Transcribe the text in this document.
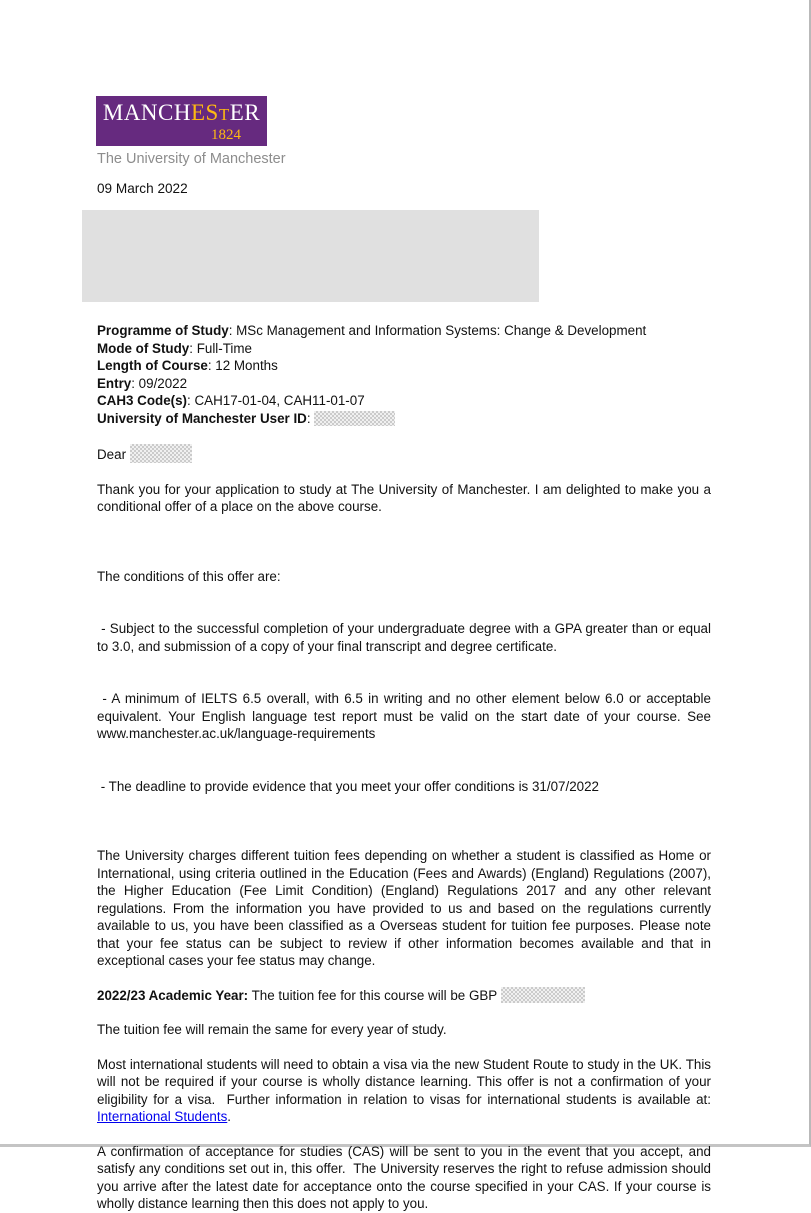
MANCHESTER
1824
The University of Manchester
09 March 2022
Programme of Study: MSc Management and Information Systems: Change & Development
Mode of Study: Full-Time
Length of Course: 12 Months
Entry: 09/2022
CAH3 Code(s): CAH17-01-04, CAH11-01-07
University of Manchester User ID:
Dear
Thank you for your application to study at The University of Manchester. I am delighted to make you a conditional offer of a place on the above course.

The conditions of this offer are:

- Subject to the successful completion of your undergraduate degree with a GPA greater than or equal to 3.0, and submission of a copy of your final transcript and degree certificate.

- A minimum of IELTS 6.5 overall, with 6.5 in writing and no other element below 6.0 or acceptable equivalent. Your English language test report must be valid on the start date of your course. See www.manchester.ac.uk/language-requirements

- The deadline to provide evidence that you meet your offer conditions is 31/07/2022

The University charges different tuition fees depending on whether a student is classified as Home or International, using criteria outlined in the Education (Fees and Awards) (England) Regulations (2007), the Higher Education (Fee Limit Condition) (England) Regulations 2017 and any other relevant regulations. From the information you have provided to us and based on the regulations currently available to us, you have been classified as a Overseas student for tuition fee purposes. Please note that your fee status can be subject to review if other information becomes available and that in exceptional cases your fee status may change.
2022/23 Academic Year: The tuition fee for this course will be GBP
The tuition fee will remain the same for every year of study.
Most international students will need to obtain a visa via the new Student Route to study in the UK. This will not be required if your course is wholly distance learning. This offer is not a confirmation of your eligibility for a visa.  Further information in relation to visas for international students is available at:  International Students.
A confirmation of acceptance for studies (CAS) will be sent to you in the event that you accept, and satisfy any conditions set out in, this offer.  The University reserves the right to refuse admission should you arrive after the latest date for acceptance onto the course specified in your CAS. If your course is wholly distance learning then this does not apply to you.
